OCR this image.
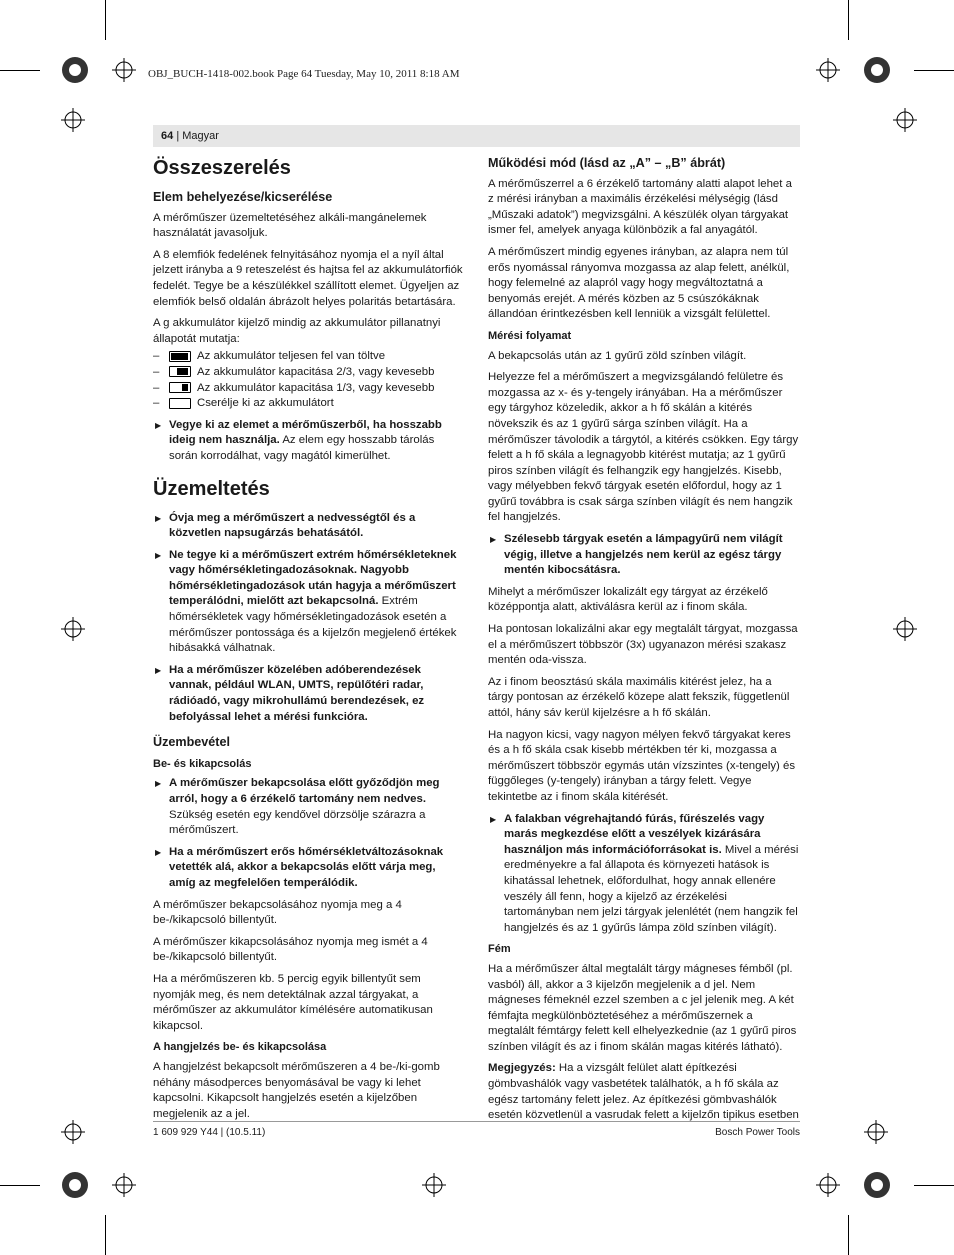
OBJ_BUCH-1418-002.book Page 64 Tuesday, May 10, 2011 8:18 AM
64 | Magyar
Összeszerelés
Elem behelyezése/kicserélése

A mérőműszer üzemeltetéséhez alkáli-mangánelemek használatát javasoljuk.

A 8 elemfiók fedelének felnyitásához nyomja el a nyíl által jelzett irányba a 9 reteszelést és hajtsa fel az akkumulátorfiók fedelét. Tegye be a készülékkel szállított elemet. Ügyeljen az elemfiók belső oldalán ábrázolt helyes polaritás betartására.

A g akkumulátor kijelző mindig az akkumulátor pillanatnyi állapotát mutatja:

–	Az akkumulátor teljesen fel van töltve
–	Az akkumulátor kapacitása 2/3, vagy kevesebb
–	Az akkumulátor kapacitása 1/3, vagy kevesebb
–	Cserélje ki az akkumulátort
▶ Vegye ki az elemet a mérőműszerből, ha hosszabb ideig nem használja. Az elem egy hosszabb tárolás során korrodálhat, vagy magától kimerülhet.
Üzemeltetés
▶ Óvja meg a mérőműszert a nedvességtől és a közvetlen napsugárzás behatásától.
▶ Ne tegye ki a mérőműszert extrém hőmérsékleteknek vagy hőmérsékletingadozásoknak. Nagyobb hőmérsékletingadozások után hagyja a mérőműszert temperálódni, mielőtt azt bekapcsolná. Extrém hőmérsékletek vagy hőmérsékletingadozások esetén a mérőműszer pontossága és a kijelzőn megjelenő értékek hibásakká válhatnak.
▶ Ha a mérőműszer közelében adóberendezések vannak, például WLAN, UMTS, repülőtéri radar, rádióadó, vagy mikrohullámú berendezések, ez befolyással lehet a mérési funkcióra.
Üzembevétel
Be- és kikapcsolás
▶ A mérőműszer bekapcsolása előtt győződjön meg arról, hogy a 6 érzékelő tartomány nem nedves. Szükség esetén egy kendővel dörzsölje szárazra a mérőműszert.
▶ Ha a mérőműszert erős hőmérsékletváltozásoknak vetették alá, akkor a bekapcsolás előtt várja meg, amíg az megfelelően temperálódik.

A mérőműszer bekapcsolásához nyomja meg a 4 be-/kikapcsoló billentyűt.

A mérőműszer kikapcsolásához nyomja meg ismét a 4 be-/kikapcsoló billentyűt.

Ha a mérőműszeren kb. 5 percig egyik billentyűt sem nyomják meg, és nem detektálnak azzal tárgyakat, a mérőműszer az akkumulátor kímélésére automatikusan kikapcsol.

A hangjelzés be- és kikapcsolása

A hangjelzést bekapcsolt mérőműszeren a 4 be-/ki-gomb néhány másodperces benyomásával be vagy ki lehet kapcsolni. Kikapcsolt hangjelzés esetén a kijelzőben megjelenik az a jel.

Működési mód (lásd az „A” – „B” ábrát)

A mérőműszerrel a 6 érzékelő tartomány alatti alapot lehet a z mérési irányban a maximális érzékelési mélységig (lásd „Műszaki adatok”) megvizsgálni. A készülék olyan tárgyakat ismer fel, amelyek anyaga különbözik a fal anyagától.

A mérőműszert mindig egyenes irányban, az alapra nem túl erős nyomással rányomva mozgassa az alap felett, anélkül, hogy felemelné az alapról vagy hogy megváltoztatná a benyomás erejét. A mérés közben az 5 csúszókáknak állandóan érintkezésben kell lenniük a vizsgált felülettel.

Mérési folyamat

A bekapcsolás után az 1 gyűrű zöld színben világít.

Helyezze fel a mérőműszert a megvizsgálandó felületre és mozgassa az x- és y-tengely irányában. Ha a mérőműszer egy tárgyhoz közeledik, akkor a h fő skálán a kitérés növekszik és az 1 gyűrű sárga színben világít. Ha a mérőműszer távolodik a tárgytól, a kitérés csökken. Egy tárgy felett a h fő skála a legnagyobb kitérést mutatja; az 1 gyűrű piros színben világít és felhangzik egy hangjelzés. Kisebb, vagy mélyebben fekvő tárgyak esetén előfordul, hogy az 1 gyűrű továbbra is csak sárga színben világít és nem hangzik fel hangjelzés.

▶ Szélesebb tárgyak esetén a lámpagyűrű nem világít végig, illetve a hangjelzés nem kerül az egész tárgy mentén kibocsátásra.

Mihelyt a mérőműszer lokalizált egy tárgyat az érzékelő középpontja alatt, aktiválásra kerül az i finom skála.

Ha pontosan lokalizálni akar egy megtalált tárgyat, mozgassa el a mérőműszert többször (3x) ugyanazon mérési szakasz mentén oda-vissza.

Az i finom beosztású skála maximális kitérést jelez, ha a tárgy pontosan az érzékelő közepe alatt fekszik, függetlenül attól, hány sáv kerül kijelzésre a h fő skálán.

Ha nagyon kicsi, vagy nagyon mélyen fekvő tárgyakat keres és a h fő skála csak kisebb mértékben tér ki, mozgassa a mérőműszert többször egymás után vízszintes (x-tengely) és függőleges (y-tengely) irányban a tárgy felett. Vegye tekintetbe az i finom skála kitérését.

▶ A falakban végrehajtandó fúrás, fűrészelés vagy marás megkezdése előtt a veszélyek kizárására használjon más információforrásokat is. Mivel a mérési eredményekre a fal állapota és környezeti hatások is kihatással lehetnek, előfordulhat, hogy annak ellenére veszély áll fenn, hogy a kijelző az érzékelési tartományban nem jelzi tárgyak jelenlétét (nem hangzik fel hangjelzés és az 1 gyűrűs lámpa zöld színben világít).
Fém

Ha a mérőműszer által megtalált tárgy mágneses fémből (pl. vasból) áll, akkor a 3 kijelzőn megjelenik a d jel. Nem mágneses fémeknél ezzel szemben a c jel jelenik meg. A két fémfajta megkülönböztetéséhez a mérőműszernek a megtalált fémtárgy felett kell elhelyezkednie (az 1 gyűrű piros színben világít és az i finom skálán magas kitérés látható).

Megjegyzés: Ha a vizsgált felület alatt építkezési gömbvashálók vagy vasbetétek találhatók, a h fő skála az egész tartomány felett jelez. Az építkezési gömbvashálók esetén közvetlenül a vasrudak felett a kijelzőn tipikus esetben

1 609 929 Y44 | (10.5.11)	Bosch Power Tools
